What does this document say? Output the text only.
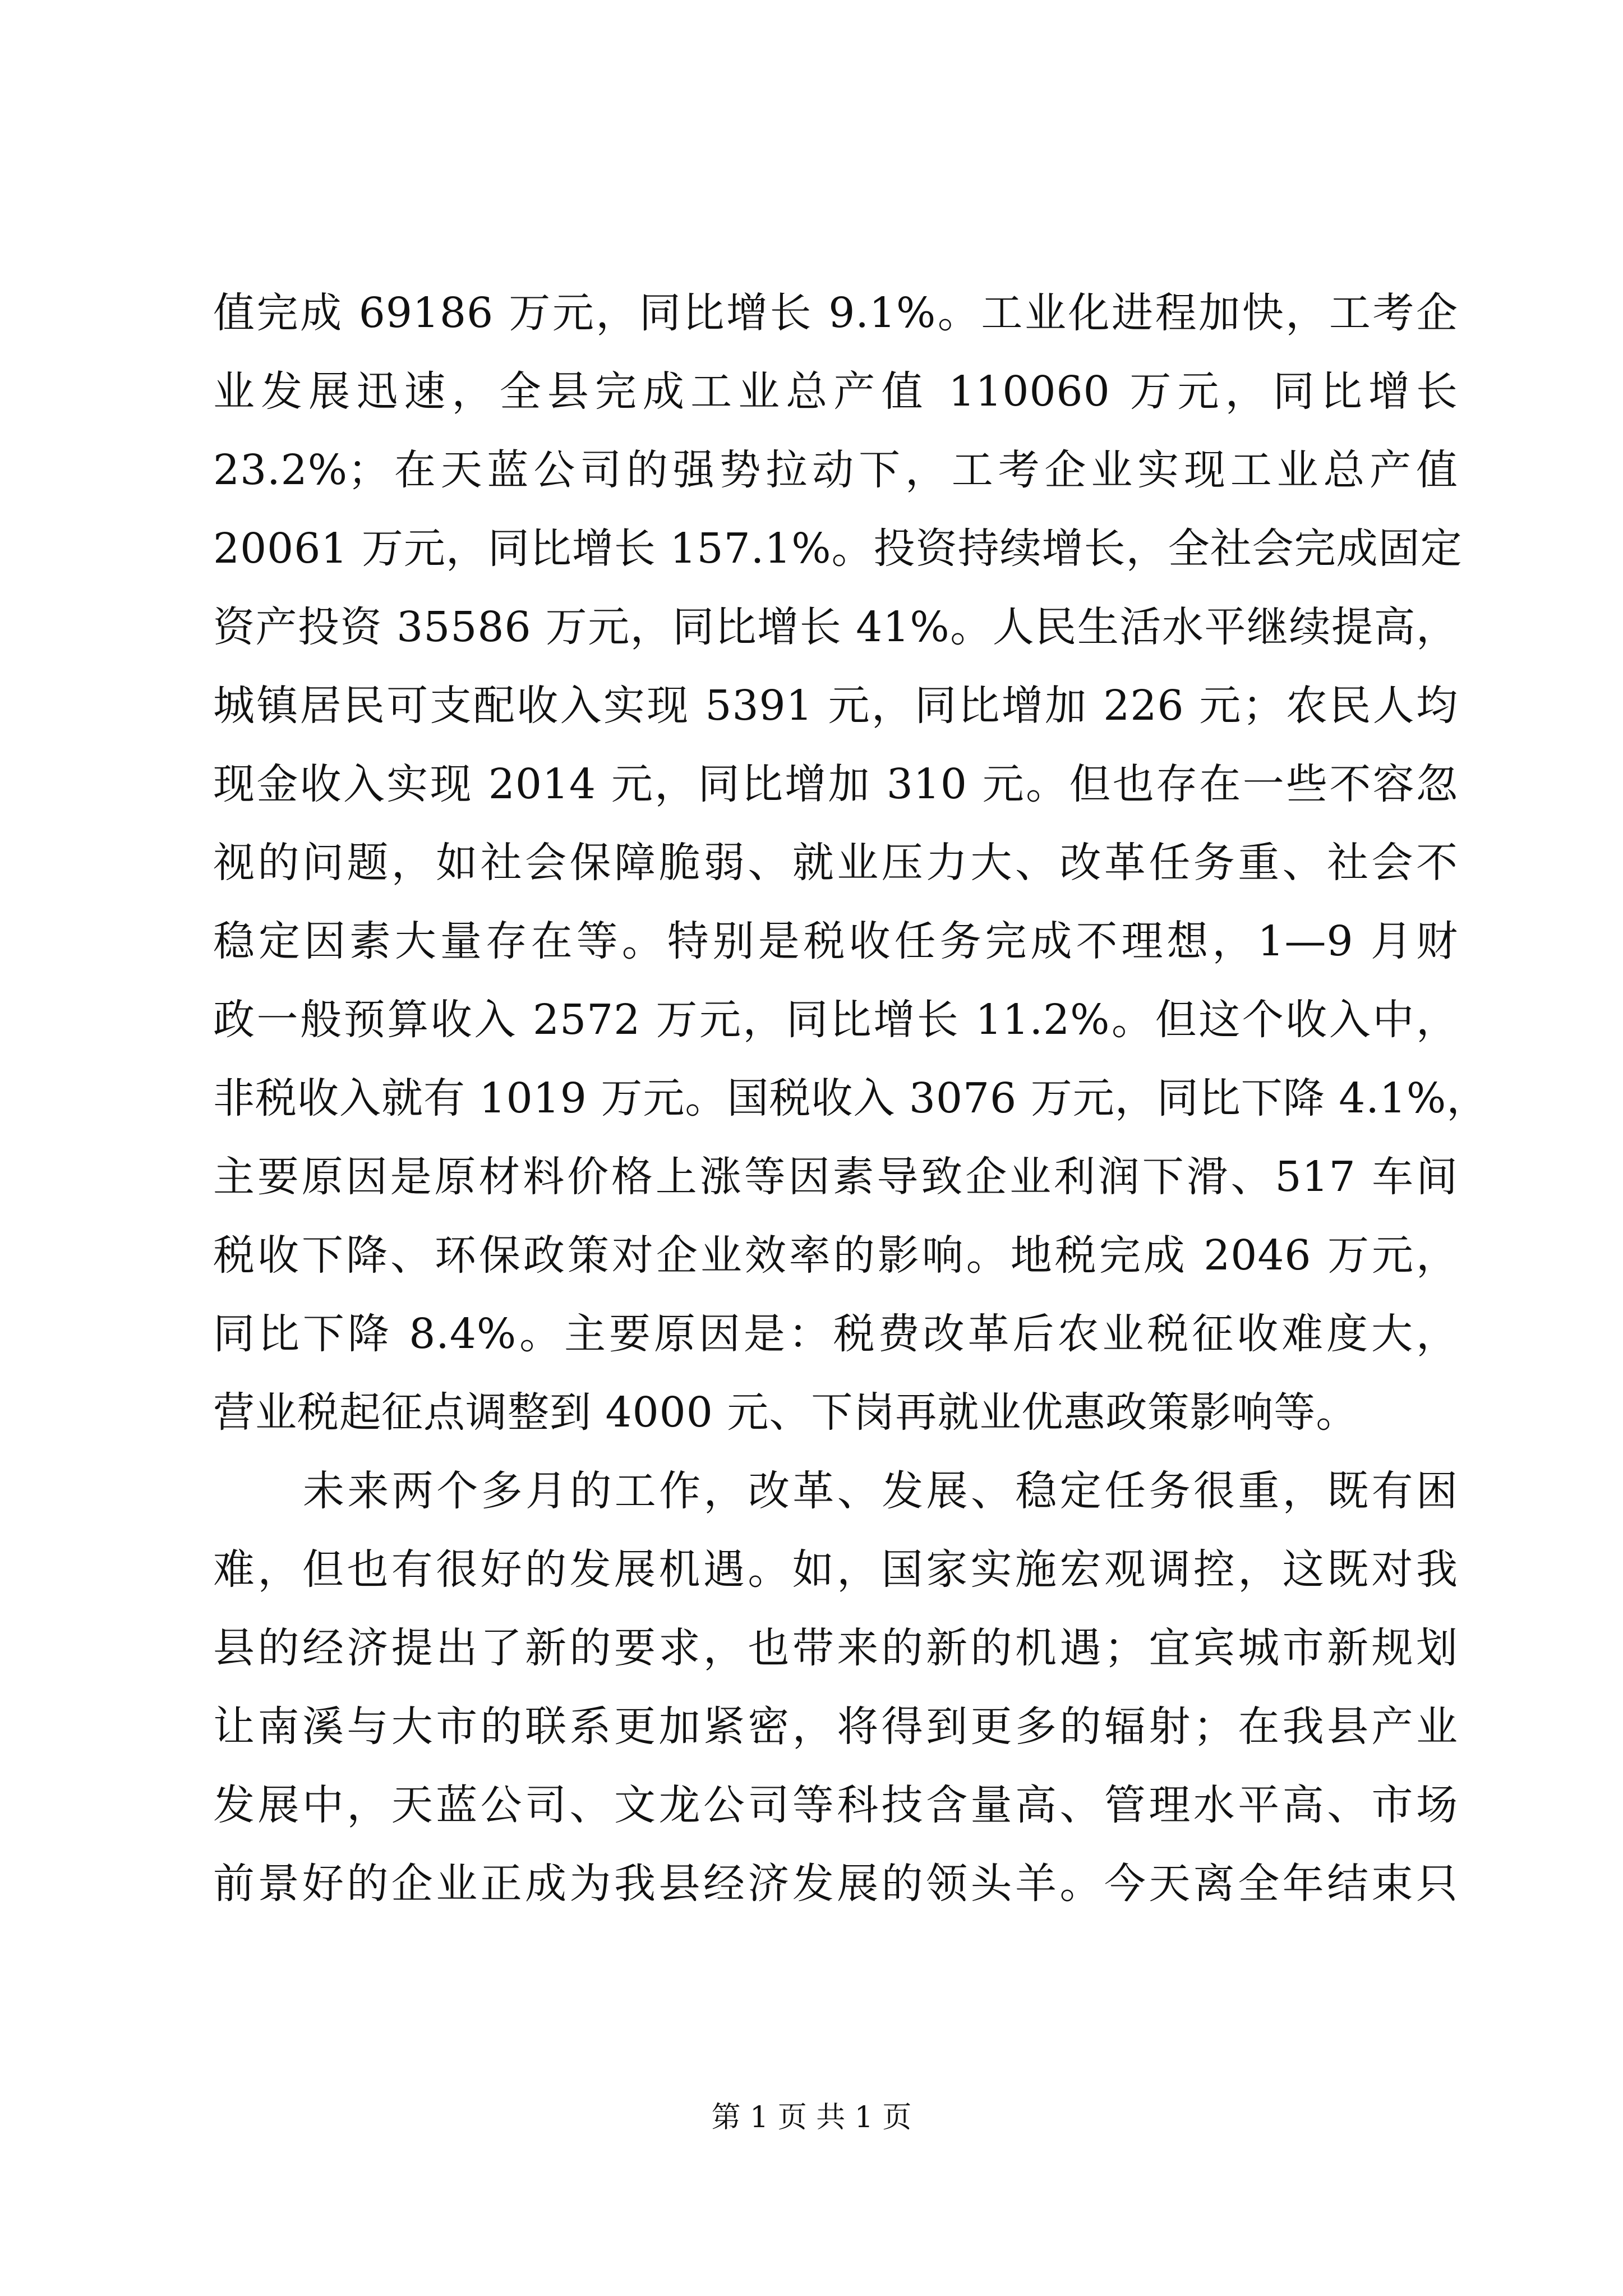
值完成 69186 万元，同比增长 9.1%。工业化进程加快，工考企
业发展迅速，全县完成工业总产值 110060 万元，同比增长
23.2%；在天蓝公司的强势拉动下，工考企业实现工业总产值
20061 万元，同比增长 157.1%。投资持续增长，全社会完成固定
资产投资 35586 万元，同比增长 41%。人民生活水平继续提高，
城镇居民可支配收入实现 5391 元，同比增加 226 元；农民人均
现金收入实现 2014 元，同比增加 310 元。但也存在一些不容忽
视的问题，如社会保障脆弱、就业压力大、改革任务重、社会不
稳定因素大量存在等。特别是税收任务完成不理想，1—9 月财
政一般预算收入 2572 万元，同比增长 11.2%。但这个收入中，
非税收入就有 1019 万元。国税收入 3076 万元，同比下降 4.1%，
主要原因是原材料价格上涨等因素导致企业利润下滑、517 车间
税收下降、环保政策对企业效率的影响。地税完成 2046 万元，
同比下降 8.4%。主要原因是：税费改革后农业税征收难度大，
营业税起征点调整到 4000 元、下岗再就业优惠政策影响等。
未来两个多月的工作，改革、发展、稳定任务很重，既有困
难，但也有很好的发展机遇。如，国家实施宏观调控，这既对我
县的经济提出了新的要求，也带来的新的机遇；宜宾城市新规划
让南溪与大市的联系更加紧密，将得到更多的辐射；在我县产业
发展中，天蓝公司、文龙公司等科技含量高、管理水平高、市场
前景好的企业正成为我县经济发展的领头羊。今天离全年结束只
第 1 页 共 1 页
